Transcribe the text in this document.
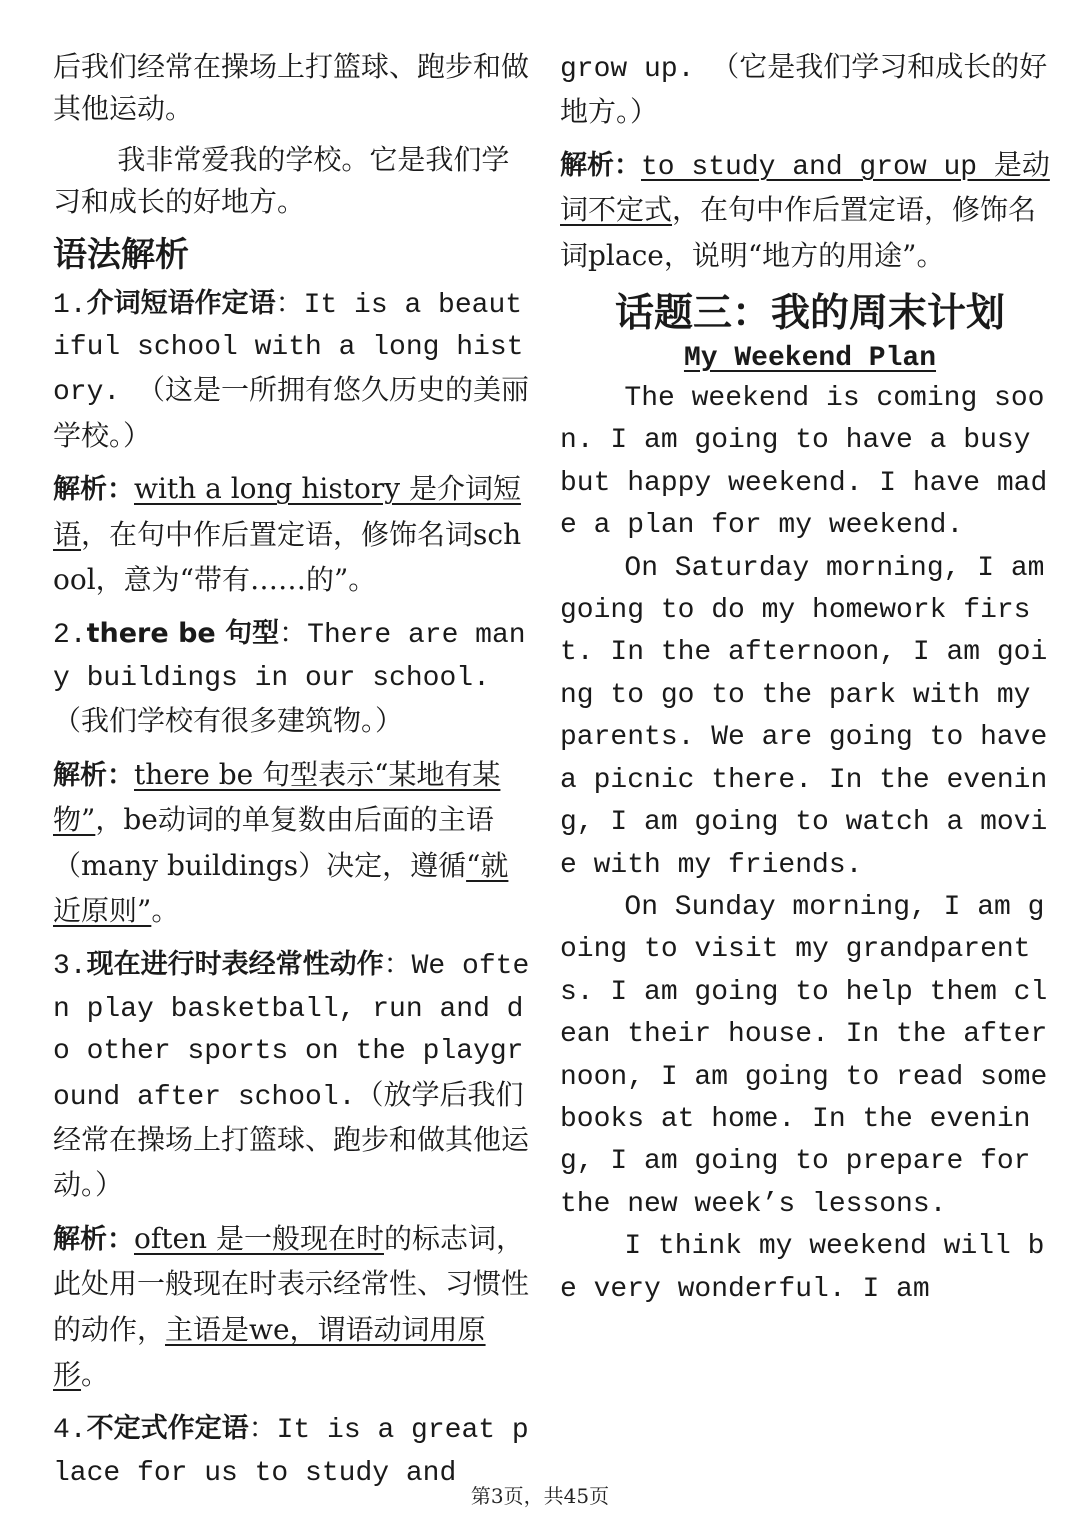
后我们经常在操场上打篮球、跑步和做其他运动。

我非常爱我的学校。它是我们学习和成长的好地方。

语法解析

1.介词短语作定语：It is a beautiful school with a long history. （这是一所拥有悠久历史的美丽学校。）

解析：with a long history 是介词短语，在句中作后置定语，修饰名词school，意为“带有……的”。

2.there be 句型：There are many buildings in our school.（我们学校有很多建筑物。）

解析：there be 句型表示“某地有某物”，be动词的单复数由后面的主语（many buildings）决定，遵循“就近原则”。

3.现在进行时表经常性动作：We often play basketball, run and do other sports on the playground after school.（放学后我们经常在操场上打篮球、跑步和做其他运动。）

解析：often 是一般现在时的标志词，此处用一般现在时表示经常性、习惯性的动作，主语是we，谓语动词用原形。

4.不定式作定语：It is a great place for us to study and

grow up. （它是我们学习和成长的好地方。）

解析：to study and grow up 是动词不定式，在句中作后置定语，修饰名词place，说明“地方的用途”。

话题三：我的周末计划
My Weekend Plan

The weekend is coming soon. I am going to have a busy but happy weekend. I have made a plan for my weekend.

On Saturday morning, I am going to do my homework first. In the afternoon, I am going to go to the park with my parents. We are going to have a picnic there. In the evening, I am going to watch a movie with my friends.

On Sunday morning, I am going to visit my grandparents. I am going to help them clean their house. In the afternoon, I am going to read some books at home. In the evening, I am going to prepare for the new week’s lessons.

I think my weekend will be very wonderful. I am

第3页，共45页
